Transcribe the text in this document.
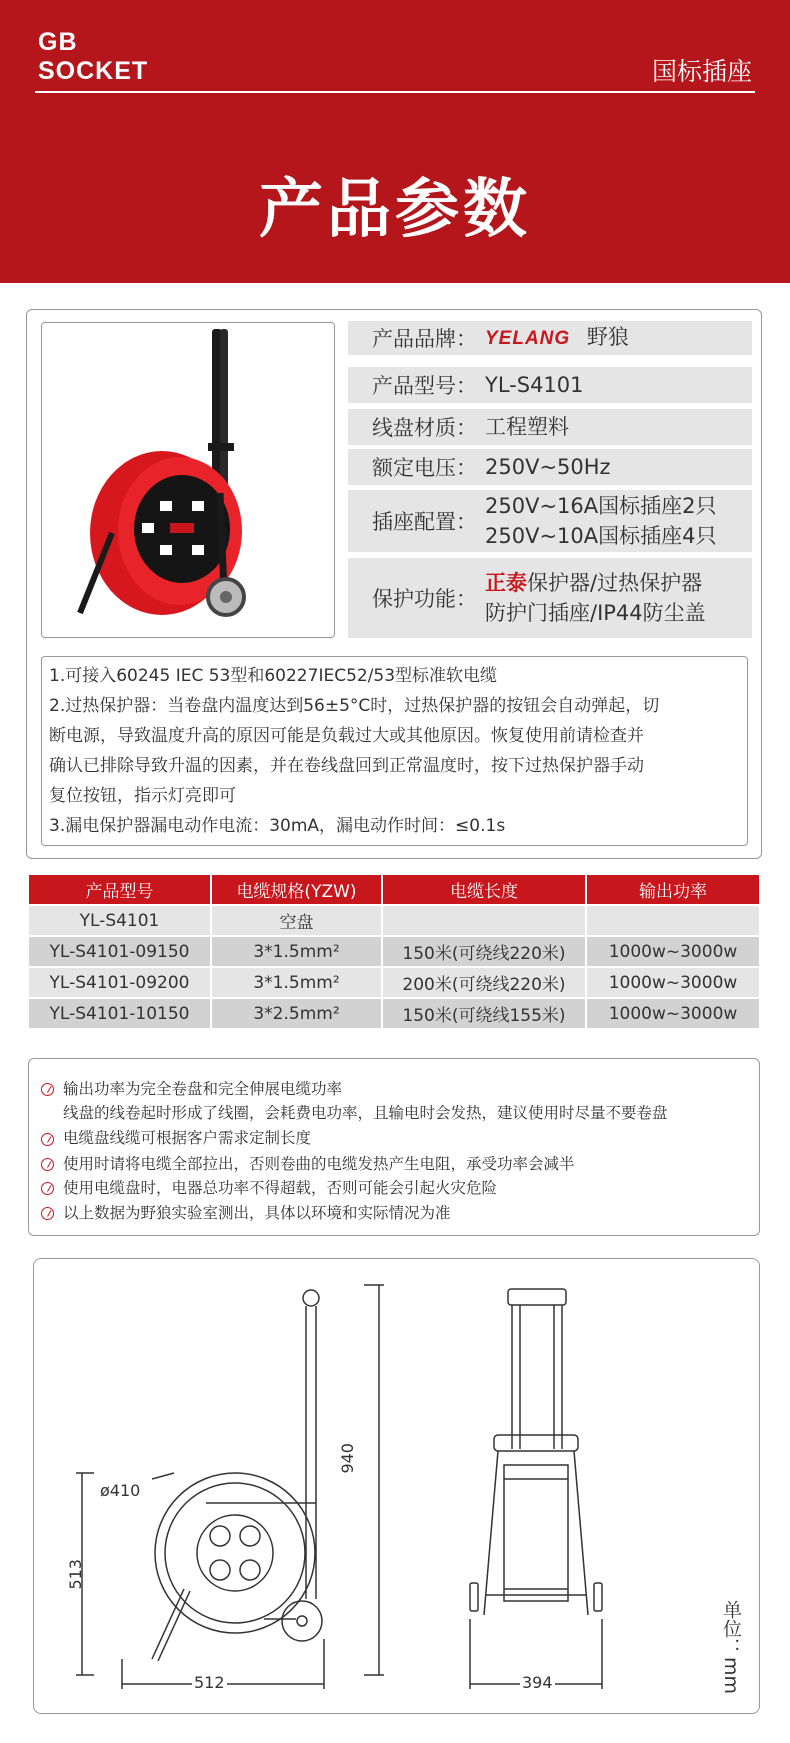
GB
SOCKET	国标插座
产品参数
产品品牌： YELANG 野狼
产品型号： YL-S4101
线盘材质： 工程塑料
额定电压： 250V~50Hz
插座配置：
250V~16A国标插座2只
250V~10A国标插座4只
保护功能：
正泰保护器/过热保护器
防护门插座/IP44防尘盖

1.可接入60245 IEC 53型和60227IEC52/53型标准软电缆

2.过热保护器：当卷盘内温度达到56±5°C时，过热保护器的按钮会自动弹起，切

断电源，导致温度升高的原因可能是负载过大或其他原因。恢复使用前请检查并

确认已排除导致升温的因素，并在卷线盘回到正常温度时，按下过热保护器手动

复位按钮，指示灯亮即可

3.漏电保护器漏电动作电流：30mA，漏电动作时间：≤0.1s

产品型号	电缆规格(YZW)	电缆长度	输出功率
YL-S4101	空盘		
YL-S4101-09150	3*1.5mm²	150米(可绕线220米)	1000w~3000w
YL-S4101-09200	3*1.5mm²	200米(可绕线220米)	1000w~3000w
YL-S4101-10150	3*2.5mm²	150米(可绕线155米)	1000w~3000w
输出功率为完全卷盘和完全伸展电缆功率
线盘的线卷起时形成了线圈，会耗费电功率，且输电时会发热，建议使用时尽量不要卷盘
电缆盘线缆可根据客户需求定制长度
使用时请将电缆全部拉出，否则卷曲的电缆发热产生电阻，承受功率会减半
使用电缆盘时，电器总功率不得超载，否则可能会引起火灾危险
以上数据为野狼实验室测出，具体以环境和实际情况为准
ø410
513
940
512	394	单位：mm
